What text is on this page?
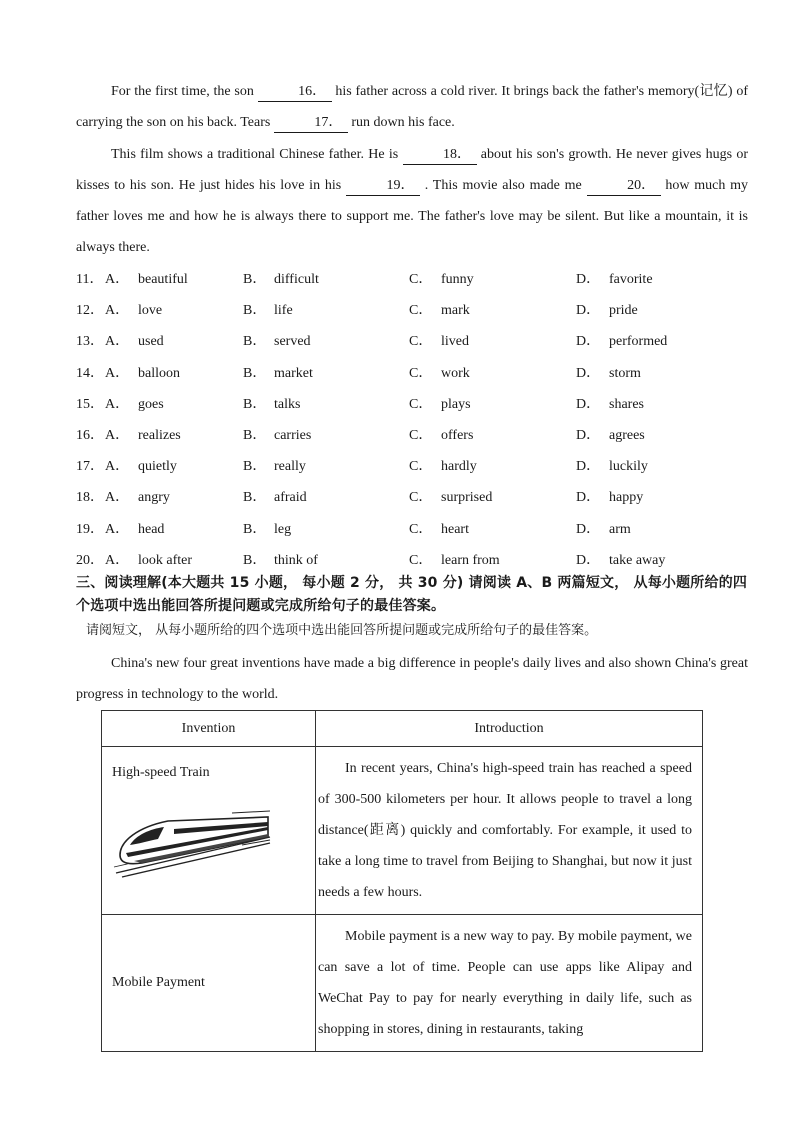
For the first time, the son	16． his father across a cold river. It brings back the father's memory(记忆) of carrying the son on his back. Tears	17． run down his face.
This film shows a traditional Chinese father. He is	18． about his son's growth. He never gives hugs or kisses to his son. He just hides his love in his	19． . This movie also made me	20． how much my father loves me and how he is always there to support me. The father's love may be silent. But like a mountain, it is always there.
11． A． beautiful	B． difficult	C． funny	D． favorite
12． A． love	B． life	C． mark	D． pride
13． A． used	B． served	C． lived	D． performed
14． A． balloon	B． market	C． work	D． storm
15． A． goes	B． talks	C． plays	D． shares
16． A． realizes	B． carries	C． offers	D． agrees
17． A． quietly	B． really	C． hardly	D． luckily
18． A． angry	B． afraid	C． surprised	D． happy
19． A． head	B． leg	C． heart	D． arm
20． A． look after	B． think of	C． learn from	D． take away
三、阅读理解(本大题共 15 小题， 每小题 2 分， 共 30 分) 请阅读 A、B 两篇短文， 从每小题所给的四个选项中选出能回答所提问题或完成所给句子的最佳答案。
请阅短文， 从每小题所给的四个选项中选出能回答所提问题或完成所给句子的最佳答案。
China's new four great inventions have made a big difference in people's daily lives and also shown China's great progress in technology to the world.
Invention	Introduction

High-speed Train	In recent years, China's high-speed train has reached a speed of 300-500 kilometers per hour. It allows people to travel a long distance(距离) quickly and comfortably. For example, it used to take a long time to travel from Beijing to Shanghai, but now it just needs a few hours.
Mobile Payment	Mobile payment is a new way to pay. By mobile payment, we can save a lot of time. People can use apps like Alipay and WeChat Pay to pay for nearly everything in daily life, such as shopping in stores, dining in restaurants, taking
